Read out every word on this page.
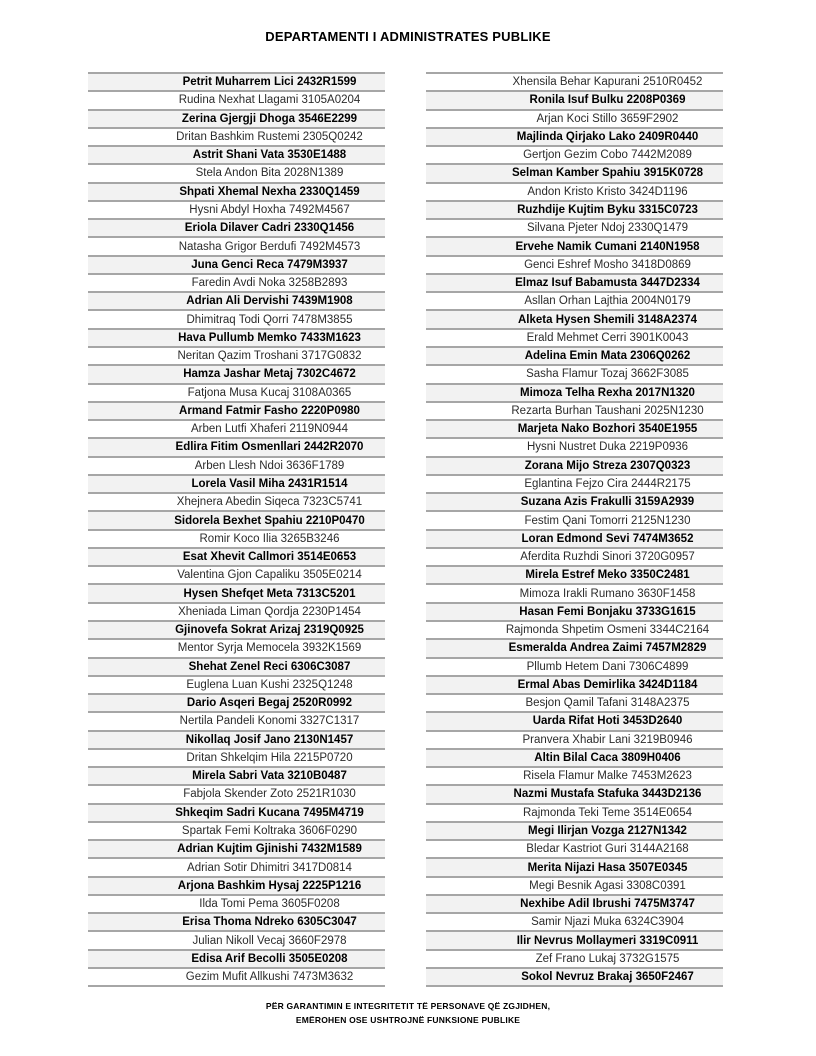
DEPARTAMENTI I ADMINISTRATES PUBLIKE
Petrit Muharrem Lici 2432R1599
Rudina Nexhat Llagami 3105A0204
Zerina Gjergji Dhoga 3546E2299
Dritan Bashkim Rustemi 2305Q0242
Astrit Shani Vata 3530E1488
Stela Andon Bita 2028N1389
Shpati Xhemal Nexha 2330Q1459
Hysni Abdyl Hoxha 7492M4567
Eriola Dilaver Cadri 2330Q1456
Natasha Grigor Berdufi 7492M4573
Juna Genci Reca 7479M3937
Faredin Avdi Noka 3258B2893
Adrian Ali Dervishi 7439M1908
Dhimitraq Todi Qorri 7478M3855
Hava Pullumb Memko 7433M1623
Neritan Qazim Troshani 3717G0832
Hamza Jashar Metaj 7302C4672
Fatjona Musa Kucaj 3108A0365
Armand Fatmir Fasho 2220P0980
Arben Lutfi Xhaferi 2119N0944
Edlira Fitim Osmenllari 2442R2070
Arben Llesh Ndoi 3636F1789
Lorela Vasil Miha 2431R1514
Xhejnera Abedin Siqeca 7323C5741
Sidorela Bexhet Spahiu 2210P0470
Romir Koco Ilia 3265B3246
Esat Xhevit Callmori 3514E0653
Valentina Gjon Capaliku 3505E0214
Hysen Shefqet Meta 7313C5201
Xheniada Liman Qordja 2230P1454
Gjinovefa Sokrat Arizaj 2319Q0925
Mentor Syrja Memocela 3932K1569
Shehat Zenel Reci 6306C3087
Euglena Luan Kushi 2325Q1248
Dario Asqeri Begaj 2520R0992
Nertila Pandeli Konomi 3327C1317
Nikollaq Josif Jano 2130N1457
Dritan Shkelqim Hila 2215P0720
Mirela Sabri Vata 3210B0487
Fabjola Skender Zoto 2521R1030
Shkeqim Sadri Kucana 7495M4719
Spartak Femi Koltraka 3606F0290
Adrian Kujtim Gjinishi 7432M1589
Adrian Sotir Dhimitri 3417D0814
Arjona Bashkim Hysaj 2225P1216
Ilda Tomi Pema 3605F0208
Erisa Thoma Ndreko 6305C3047
Julian Nikoll Vecaj 3660F2978
Edisa Arif Becolli 3505E0208
Gezim Mufit Allkushi 7473M3632
Xhensila Behar Kapurani 2510R0452
Ronila Isuf Bulku 2208P0369
Arjan Koci Stillo 3659F2902
Majlinda Qirjako Lako 2409R0440
Gertjon Gezim Cobo 7442M2089
Selman Kamber Spahiu 3915K0728
Andon Kristo Kristo 3424D1196
Ruzhdije Kujtim Byku 3315C0723
Silvana Pjeter Ndoj 2330Q1479
Ervehe Namik Cumani 2140N1958
Genci Eshref Mosho 3418D0869
Elmaz Isuf Babamusta 3447D2334
Asllan Orhan Lajthia 2004N0179
Alketa Hysen Shemili 3148A2374
Erald Mehmet Cerri 3901K0043
Adelina Emin Mata 2306Q0262
Sasha Flamur Tozaj 3662F3085
Mimoza Telha Rexha 2017N1320
Rezarta Burhan Taushani 2025N1230
Marjeta Nako Bozhori 3540E1955
Hysni Nustret Duka 2219P0936
Zorana Mijo Streza 2307Q0323
Eglantina Fejzo Cira 2444R2175
Suzana Azis Frakulli 3159A2939
Festim Qani Tomorri 2125N1230
Loran Edmond Sevi 7474M3652
Aferdita Ruzhdi Sinori 3720G0957
Mirela Estref Meko 3350C2481
Mimoza Irakli Rumano 3630F1458
Hasan Femi Bonjaku 3733G1615
Rajmonda Shpetim Osmeni 3344C2164
Esmeralda Andrea Zaimi 7457M2829
Pllumb Hetem Dani 7306C4899
Ermal Abas Demirlika 3424D1184
Besjon Qamil Tafani 3148A2375
Uarda Rifat Hoti 3453D2640
Pranvera Xhabir Lani 3219B0946
Altin Bilal Caca 3809H0406
Risela Flamur Malke 7453M2623
Nazmi Mustafa Stafuka 3443D2136
Rajmonda Teki Teme 3514E0654
Megi Ilirjan Vozga 2127N1342
Bledar Kastriot Guri 3144A2168
Merita Nijazi Hasa 3507E0345
Megi Besnik Agasi 3308C0391
Nexhibe Adil Ibrushi 7475M3747
Samir Njazi Muka 6324C3904
Ilir Nevrus Mollaymeri 3319C0911
Zef Frano Lukaj 3732G1575
Sokol Nevruz Brakaj 3650F2467
PËR GARANTIMIN E INTEGRITETIT TË PERSONAVE QË ZGJIDHEN,
EMËROHEN OSE USHTROJNË FUNKSIONE PUBLIKE
